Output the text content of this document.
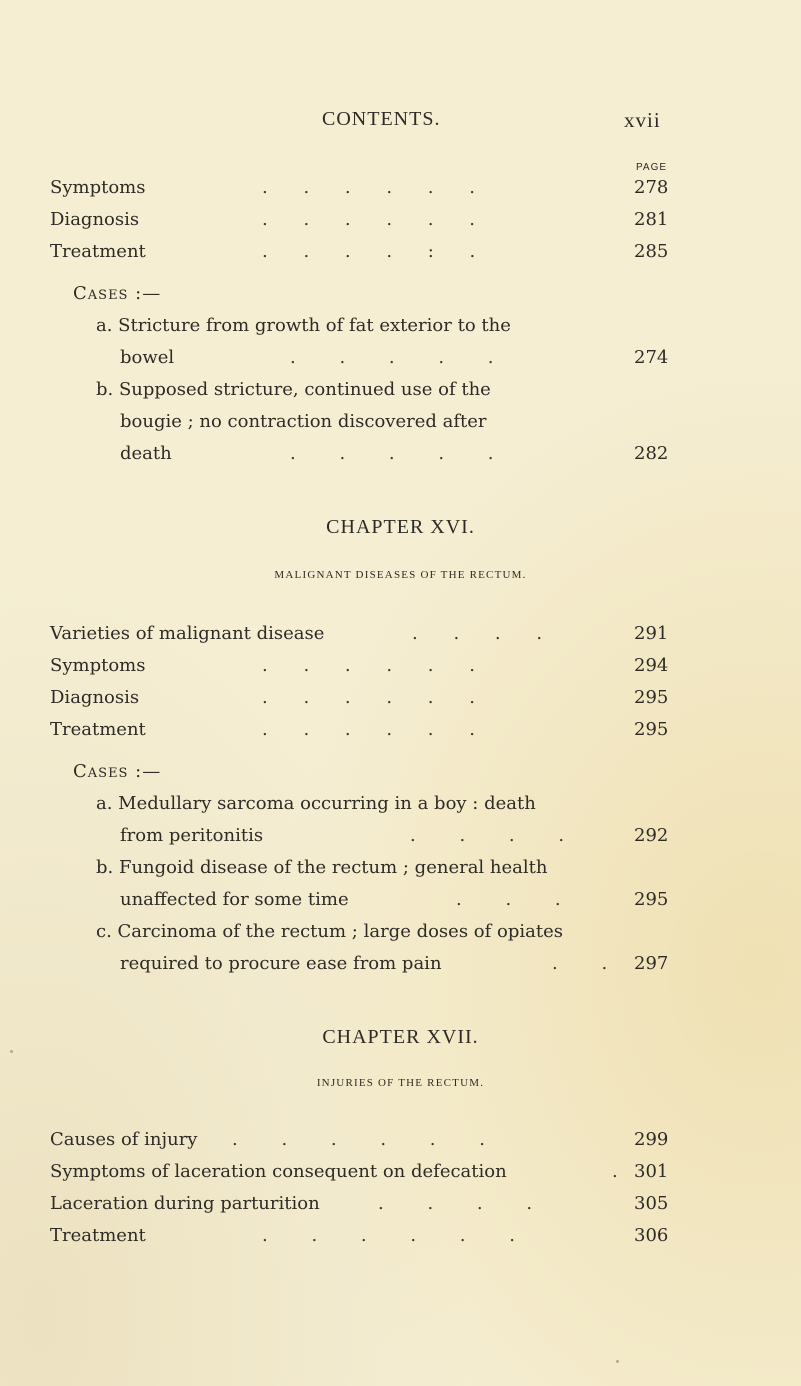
CONTENTS.	xvii
PAGE
Symptoms	. . . . . .	278
Diagnosis	. . . . . .	281
Treatment	. . . . : .	285
Cases :—
a. Stricture from growth of fat exterior to the
bowel	. . . . .	274
b. Supposed stricture, continued use of the
bougie ; no contraction discovered after
death	. . . . .	282
CHAPTER XVI.
MALIGNANT DISEASES OF THE RECTUM.
Varieties of malignant disease	. . . .	291
Symptoms	. . . . . .	294
Diagnosis	. . . . . .	295
Treatment	. . . . . .	295
Cases :—
a. Medullary sarcoma occurring in a boy : death
from peritonitis	. . . .	292
b. Fungoid disease of the rectum ; general health
unaffected for some time	. . .	295
c. Carcinoma of the rectum ; large doses of opiates
required to procure ease from pain	. . 297
CHAPTER XVII.
INJURIES OF THE RECTUM.
Causes of injury . . . . . .	299
Symptoms of laceration consequent on defecation	. 301
Laceration during parturition	. . . .	305
Treatment	. . . . . .	306
